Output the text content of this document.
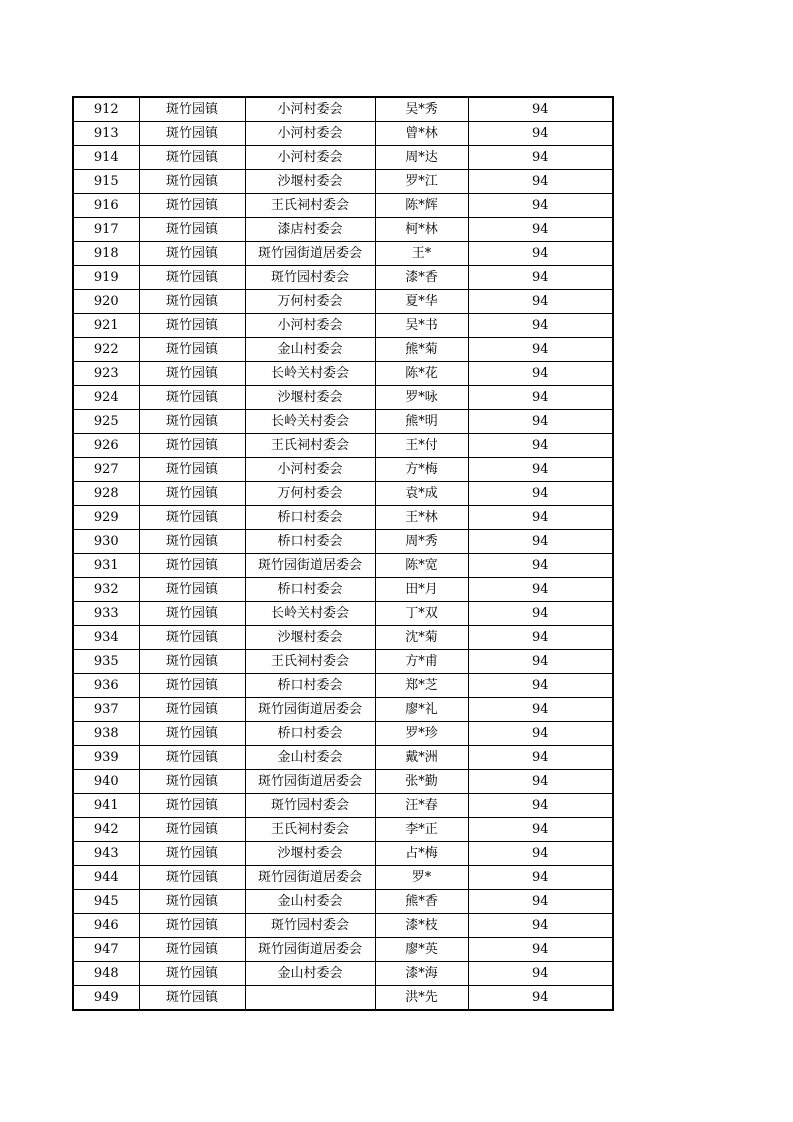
912	斑竹园镇	小河村委会	吴*秀	94
913	斑竹园镇	小河村委会	曾*林	94
914	斑竹园镇	小河村委会	周*达	94
915	斑竹园镇	沙堰村委会	罗*江	94
916	斑竹园镇	王氏祠村委会	陈*辉	94
917	斑竹园镇	漆店村委会	柯*林	94
918	斑竹园镇	斑竹园街道居委会	王*	94
919	斑竹园镇	斑竹园村委会	漆*香	94
920	斑竹园镇	万何村委会	夏*华	94
921	斑竹园镇	小河村委会	吴*书	94
922	斑竹园镇	金山村委会	熊*菊	94
923	斑竹园镇	长岭关村委会	陈*花	94
924	斑竹园镇	沙堰村委会	罗*咏	94
925	斑竹园镇	长岭关村委会	熊*明	94
926	斑竹园镇	王氏祠村委会	王*付	94
927	斑竹园镇	小河村委会	方*梅	94
928	斑竹园镇	万何村委会	袁*成	94
929	斑竹园镇	桥口村委会	王*林	94
930	斑竹园镇	桥口村委会	周*秀	94
931	斑竹园镇	斑竹园街道居委会	陈*宽	94
932	斑竹园镇	桥口村委会	田*月	94
933	斑竹园镇	长岭关村委会	丁*双	94
934	斑竹园镇	沙堰村委会	沈*菊	94
935	斑竹园镇	王氏祠村委会	方*甫	94
936	斑竹园镇	桥口村委会	郑*芝	94
937	斑竹园镇	斑竹园街道居委会	廖*礼	94
938	斑竹园镇	桥口村委会	罗*珍	94
939	斑竹园镇	金山村委会	戴*洲	94
940	斑竹园镇	斑竹园街道居委会	张*勤	94
941	斑竹园镇	斑竹园村委会	汪*春	94
942	斑竹园镇	王氏祠村委会	李*正	94
943	斑竹园镇	沙堰村委会	占*梅	94
944	斑竹园镇	斑竹园街道居委会	罗*	94
945	斑竹园镇	金山村委会	熊*香	94
946	斑竹园镇	斑竹园村委会	漆*枝	94
947	斑竹园镇	斑竹园街道居委会	廖*英	94
948	斑竹园镇	金山村委会	漆*海	94
949	斑竹园镇		洪*先	94
